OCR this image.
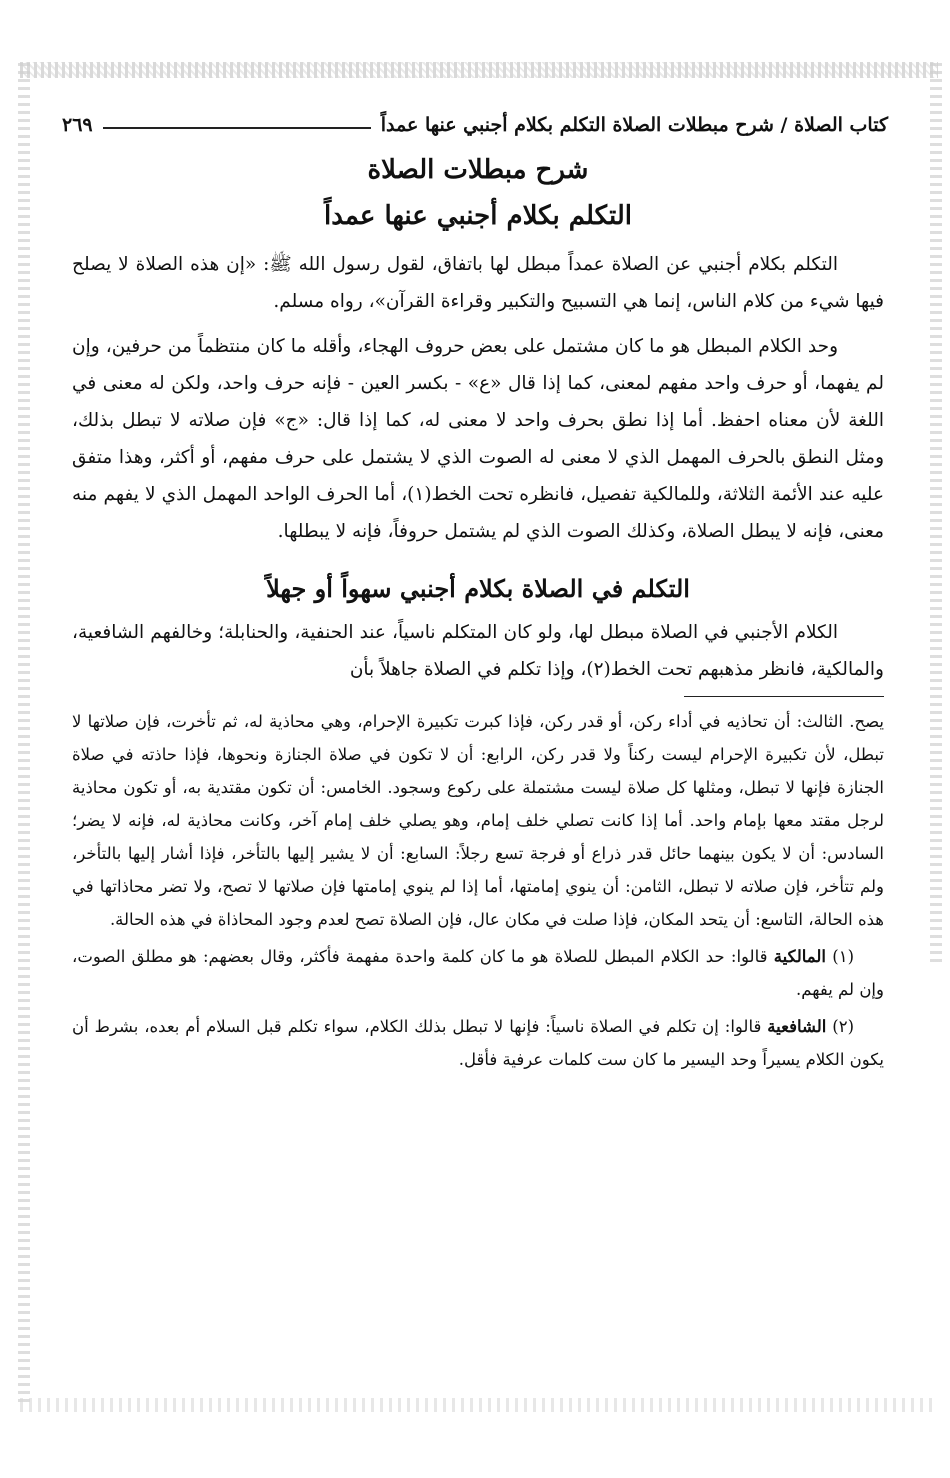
كتاب الصلاة / شرح مبطلات الصلاة التكلم بكلام أجنبي عنها عمداً
٢٦٩
شرح مبطلات الصلاة
التكلم بكلام أجنبي عنها عمداً

التكلم بكلام أجنبي عن الصلاة عمداً مبطل لها باتفاق، لقول رسول الله ﷺ: «إن هذه الصلاة لا يصلح فيها شيء من كلام الناس، إنما هي التسبيح والتكبير وقراءة القرآن»، رواه مسلم.

وحد الكلام المبطل هو ما كان مشتمل على بعض حروف الهجاء، وأقله ما كان منتظماً من حرفين، وإن لم يفهما، أو حرف واحد مفهم لمعنى، كما إذا قال «ع» - بكسر العين - فإنه حرف واحد، ولكن له معنى في اللغة لأن معناه احفظ. أما إذا نطق بحرف واحد لا معنى له، كما إذا قال: «ج» فإن صلاته لا تبطل بذلك، ومثل النطق بالحرف المهمل الذي لا معنى له الصوت الذي لا يشتمل على حرف مفهم، أو أكثر، وهذا متفق عليه عند الأئمة الثلاثة، وللمالكية تفصيل، فانظره تحت الخط(١)، أما الحرف الواحد المهمل الذي لا يفهم منه معنى، فإنه لا يبطل الصلاة، وكذلك الصوت الذي لم يشتمل حروفاً، فإنه لا يبطلها.

التكلم في الصلاة بكلام أجنبي سهواً أو جهلاً

الكلام الأجنبي في الصلاة مبطل لها، ولو كان المتكلم ناسياً، عند الحنفية، والحنابلة؛ وخالفهم الشافعية، والمالكية، فانظر مذهبهم تحت الخط(٢)، وإذا تكلم في الصلاة جاهلاً بأن

يصح. الثالث: أن تحاذيه في أداء ركن، أو قدر ركن، فإذا كبرت تكبيرة الإحرام، وهي محاذية له، ثم تأخرت، فإن صلاتها لا تبطل، لأن تكبيرة الإحرام ليست ركناً ولا قدر ركن، الرابع: أن لا تكون في صلاة الجنازة ونحوها، فإذا حاذته في صلاة الجنازة فإنها لا تبطل، ومثلها كل صلاة ليست مشتملة على ركوع وسجود. الخامس: أن تكون مقتدية به، أو تكون محاذية لرجل مقتد معها بإمام واحد. أما إذا كانت تصلي خلف إمام، وهو يصلي خلف إمام آخر، وكانت محاذية له، فإنه لا يضر؛ السادس: أن لا يكون بينهما حائل قدر ذراع أو فرجة تسع رجلاً: السابع: أن لا يشير إليها بالتأخر، فإذا أشار إليها بالتأخر، ولم تتأخر، فإن صلاته لا تبطل، الثامن: أن ينوي إمامتها، أما إذا لم ينوي إمامتها فإن صلاتها لا تصح، ولا تضر محاذاتها في هذه الحالة، التاسع: أن يتحد المكان، فإذا صلت في مكان عال، فإن الصلاة تصح لعدم وجود المحاذاة في هذه الحالة.

(١) المالكية قالوا: حد الكلام المبطل للصلاة هو ما كان كلمة واحدة مفهمة فأكثر، وقال بعضهم: هو مطلق الصوت، وإن لم يفهم.

(٢) الشافعية قالوا: إن تكلم في الصلاة ناسياً: فإنها لا تبطل بذلك الكلام، سواء تكلم قبل السلام أم بعده، بشرط أن يكون الكلام يسيراً وحد اليسير ما كان ست كلمات عرفية فأقل.
